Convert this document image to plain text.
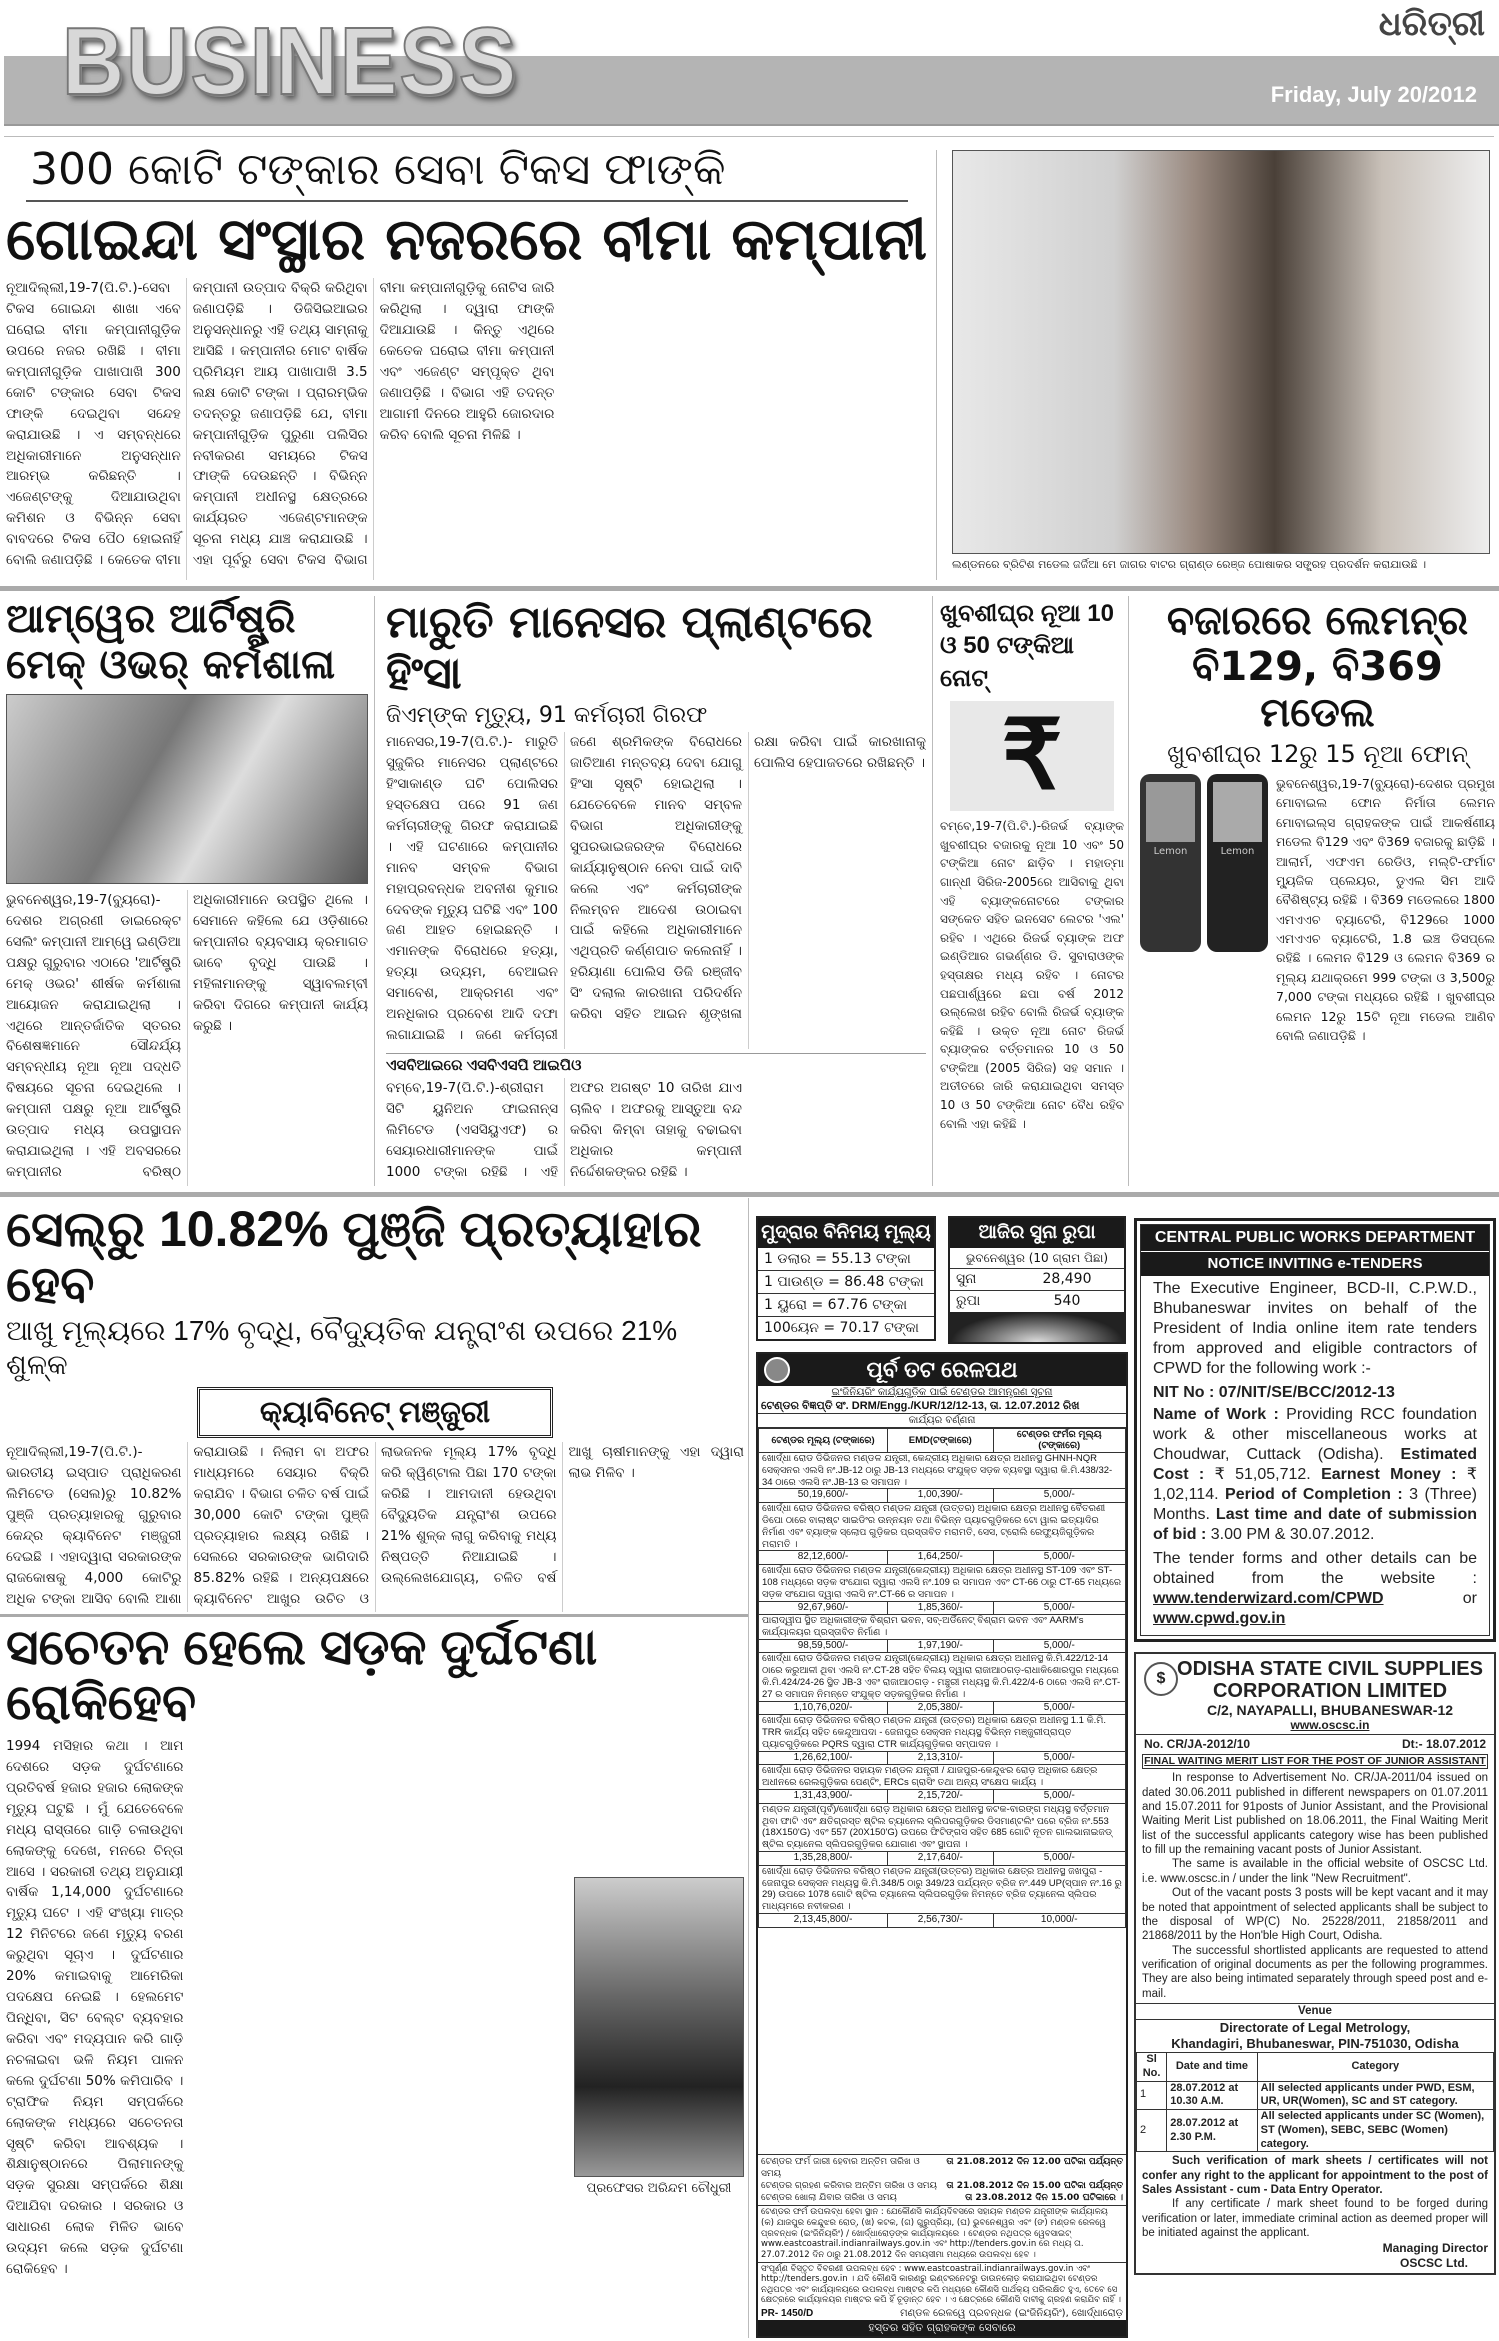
BUSINESS	ଧରିତ୍ରୀ
Friday, July 20/2012
300 କୋଟି ଟଙ୍କାର ସେବା ଟିକସ ଫାଙ୍କି
ଗୋଇନ୍ଦା ସଂସ୍ଥାର ନଜରରେ ବୀମା କମ୍ପାନୀ
ନୂଆଦିଲ୍ଲୀ,19-7(ପି.ଟି.)-ସେବା ଟିକସ ଗୋଇନ୍ଦା ଶାଖା ଏବେ ଘରୋଇ ବୀମା କମ୍ପାନୀଗୁଡ଼ିକ ଉପରେ ନଜର ରଖିଛି । ବୀମା କମ୍ପାନୀଗୁଡ଼ିକ ପାଖାପାଖି 300 କୋଟି ଟଙ୍କାର ସେବା ଟିକସ ଫାଙ୍କି ଦେଇଥିବା ସନ୍ଦେହ କରାଯାଉଛି । ଏ ସମ୍ବନ୍ଧରେ ଅଧିକାରୀମାନେ ଅନୁସନ୍ଧାନ ଆରମ୍ଭ କରିଛନ୍ତି । ଏଜେଣ୍ଟଙ୍କୁ ଦିଆଯାଉଥିବା କମିଶନ ଓ ବିଭିନ୍ନ ସେବା ବାବଦରେ ଟିକସ ପୈଠ ହୋଇନାହିଁ ବୋଲି ଜଣାପଡ଼ିଛି । କେତେକ ବୀମା କମ୍ପାନୀ ଉତ୍ପାଦ ବିକ୍ରି କରିଥିବା ଜଣାପଡ଼ିଛି । ଡିଜିସିଇଆଇର ଅନୁସନ୍ଧାନରୁ ଏହି ତଥ୍ୟ ସାମ୍ନାକୁ ଆସିଛି । କମ୍ପାନୀର ମୋଟ ବାର୍ଷିକ ପ୍ରିମିୟମ ଆୟ ପାଖାପାଖି 3.5 ଲକ୍ଷ କୋଟି ଟଙ୍କା । ପ୍ରାରମ୍ଭିକ ତଦନ୍ତରୁ ଜଣାପଡ଼ିଛି ଯେ, ବୀମା କମ୍ପାନୀଗୁଡ଼ିକ ପୁରୁଣା ପଲିସିର ନବୀକରଣ ସମୟରେ ଟିକସ ଫାଙ୍କି ଦେଉଛନ୍ତି । ବିଭିନ୍ନ କମ୍ପାନୀ ଅଧୀନସ୍ଥ କ୍ଷେତ୍ରରେ କାର୍ଯ୍ୟରତ ଏଜେଣ୍ଟମାନଙ୍କ ସୂଚନା ମଧ୍ୟ ଯାଞ୍ଚ କରାଯାଉଛି । ଏହା ପୂର୍ବରୁ ସେବା ଟିକସ ବିଭାଗ ବୀମା କମ୍ପାନୀଗୁଡ଼ିକୁ ନୋଟିସ ଜାରି କରିଥିଲା । ଦ୍ୱାରା ଫାଙ୍କି ଦିଆଯାଉଛି । କିନ୍ତୁ ଏଥିରେ କେତେକ ଘରୋଇ ବୀମା କମ୍ପାନୀ ଏବଂ ଏଜେଣ୍ଟ ସମ୍ପୃକ୍ତ ଥିବା ଜଣାପଡ଼ିଛି । ବିଭାଗ ଏହି ତଦନ୍ତ ଆଗାମୀ ଦିନରେ ଆହୁରି ଜୋରଦାର କରିବ ବୋଲି ସୂଚନା ମିଳିଛି ।
ଲଣ୍ଡନରେ ବ୍ରିଟିଶ ମଡେଲ ଜର୍ଜିଆ ମେ ଜାଗର ବାଟର ଗ୍ରାଣ୍ଡ ରେଞ୍ଜ ପୋଷାକର ସଙ୍ଗ୍ରହ ପ୍ରଦର୍ଶନ କରାଯାଉଛି ।
ଆମ୍ୱେର ଆର୍ଟିଷ୍ଟ୍ରି ମେକ୍ ଓଭର୍ କର୍ମଶାଳା
ଭୁବନେଶ୍ୱର,19-7(ବ୍ୟୁରୋ)- ଦେଶର ଅଗ୍ରଣୀ ଡାଇରେକ୍ଟ ସେଲିଂ କମ୍ପାନୀ ଆମ୍ୱେ ଇଣ୍ଡିଆ ପକ୍ଷରୁ ଗୁରୁବାର ଏଠାରେ 'ଆର୍ଟିଷ୍ଟ୍ରି ମେକ୍ ଓଭର' ଶୀର୍ଷକ କର୍ମଶାଳା ଆୟୋଜନ କରାଯାଇଥିଲା । ଏଥିରେ ଆନ୍ତର୍ଜାତିକ ସ୍ତରର ବିଶେଷଜ୍ଞମାନେ ସୌନ୍ଦର୍ଯ୍ୟ ସମ୍ବନ୍ଧୀୟ ନୂଆ ନୂଆ ପଦ୍ଧତି ବିଷୟରେ ସୂଚନା ଦେଇଥିଲେ । କମ୍ପାନୀ ପକ୍ଷରୁ ନୂଆ ଆର୍ଟିଷ୍ଟ୍ରି ଉତ୍ପାଦ ମଧ୍ୟ ଉପସ୍ଥାପନ କରାଯାଇଥିଲା । ଏହି ଅବସରରେ କମ୍ପାନୀର ବରିଷ୍ଠ ଅଧିକାରୀମାନେ ଉପସ୍ଥିତ ଥିଲେ । ସେମାନେ କହିଲେ ଯେ ଓଡ଼ିଶାରେ କମ୍ପାନୀର ବ୍ୟବସାୟ କ୍ରମାଗତ ଭାବେ ବୃଦ୍ଧି ପାଉଛି । ମହିଳାମାନଙ୍କୁ ସ୍ୱାବଲମ୍ବୀ କରିବା ଦିଗରେ କମ୍ପାନୀ କାର୍ଯ୍ୟ କରୁଛି ।
ମାରୁତି ମାନେସର ପ୍ଲାଣ୍ଟରେ ହିଂସା
ଜିଏମ୍‌ଙ୍କ ମୃତ୍ୟୁ, 91 କର୍ମଚାରୀ ଗିରଫ
ମାନେସର,19-7(ପି.ଟି.)- ମାରୁତି ସୁଜୁକିର ମାନେସର ପ୍ଲାଣ୍ଟରେ ହିଂସାକାଣ୍ଡ ଘଟି ପୋଲିସର ହସ୍ତକ୍ଷେପ ପରେ 91 ଜଣ କର୍ମଚାରୀଙ୍କୁ ଗିରଫ କରାଯାଇଛି । ଏହି ଘଟଣାରେ କମ୍ପାନୀର ମାନବ ସମ୍ବଳ ବିଭାଗ ମହାପ୍ରବନ୍ଧକ ଅବନୀଶ କୁମାର ଦେବଙ୍କ ମୃତ୍ୟୁ ଘଟିଛି ଏବଂ 100 ଜଣ ଆହତ ହୋଇଛନ୍ତି । ଏମାନଙ୍କ ବିରୋଧରେ ହତ୍ୟା, ହତ୍ୟା ଉଦ୍ୟମ, ବେଆଇନ ସମାବେଶ, ଆକ୍ରମଣ ଏବଂ ଅନଧିକାର ପ୍ରବେଶ ଆଦି ଦଫା ଲଗାଯାଇଛି । ଜଣେ କର୍ମଚାରୀ ଜଣେ ଶ୍ରମିକଙ୍କ ବିରୋଧରେ ଜାତିଆଣ ମନ୍ତବ୍ୟ ଦେବା ଯୋଗୁ ହିଂସା ସୃଷ୍ଟି ହୋଇଥିଲା । ଯେତେବେଳେ ମାନବ ସମ୍ବଳ ବିଭାଗ ଅଧିକାରୀଙ୍କୁ ସୁପରଭାଇଜରଙ୍କ ବିରୋଧରେ କାର୍ଯ୍ୟାନୁଷ୍ଠାନ ନେବା ପାଇଁ ଦାବି କଲେ ଏବଂ କର୍ମଚାରୀଙ୍କ ନିଲମ୍ବନ ଆଦେଶ ଉଠାଇବା ପାଇଁ କହିଲେ ଅଧିକାରୀମାନେ ଏଥିପ୍ରତି କର୍ଣ୍ଣପାତ କଲେନାହିଁ । ହରିୟାଣା ପୋଲିସ ଡିଜି ରଞ୍ଜୀବ ସିଂ ଦଲାଲ କାରଖାନା ପରିଦର୍ଶନ କରିବା ସହିତ ଆଇନ ଶୃଙ୍ଖଳା ରକ୍ଷା କରିବା ପାଇଁ କାରଖାନାକୁ ପୋଲିସ ହେପାଜତରେ ରଖିଛନ୍ତି ।
ଏସବିଆଇରେ ଏସବିଏସପି ଆଇପିଓ
ବମ୍ବେ,19-7(ପି.ଟି.)-ଶ୍ରୀରାମ ସିଟି ୟୁନିଅନ ଫାଇନାନ୍ସ ଲିମିଟେଡ (ଏସସିୟୁଏଫ) ର ସେୟାରଧାରୀମାନଙ୍କ ପାଇଁ 1000 ଟଙ୍କା ରହିଛି । ଏହି ଅଫର ଅଗଷ୍ଟ 10 ତାରିଖ ଯାଏ ଚାଲିବ । ଅଫରକୁ ଆସ୍ତୁଆ ବନ୍ଦ କରିବା କିମ୍ବା ତାହାକୁ ବଢାଇବା ଅଧିକାର କମ୍ପାନୀ ନିର୍ଦ୍ଦେଶକଙ୍କର ରହିଛି ।
ଖୁବଶୀଘ୍ର ନୂଆ 10 ଓ 50 ଟଙ୍କିଆ ନୋଟ୍
₹
ବମ୍ବେ,19-7(ପି.ଟି.)-ରିଜର୍ଭ ବ୍ୟାଙ୍କ ଖୁବଶୀଘ୍ର ବଜାରକୁ ନୂଆ 10 ଏବଂ 50 ଟଙ୍କିଆ ନୋଟ ଛାଡ଼ିବ । ମହାତ୍ମା ଗାନ୍ଧୀ ସିରିଜ-2005ରେ ଆସିବାକୁ ଥିବା ଏହି ବ୍ୟାଙ୍କନୋଟରେ ଟଙ୍କାର ସଙ୍କେତ ସହିତ ଇନସେଟ ଲେଟର 'ଏଲ' ରହିବ । ଏଥିରେ ରିଜର୍ଭ ବ୍ୟାଙ୍କ ଅଫ ଇଣ୍ଡିଆର ଗଭର୍ଣ୍ଣର ଡି. ସୁବାରାଓଙ୍କ ହସ୍ତାକ୍ଷର ମଧ୍ୟ ରହିବ । ନୋଟର ପଛପାର୍ଶ୍ୱରେ ଛପା ବର୍ଷ 2012 ଉଲ୍ଲେଖ ରହିବ ବୋଲି ରିଜର୍ଭ ବ୍ୟାଙ୍କ କହିଛି । ଉକ୍ତ ନୂଆ ନୋଟ ରିଜର୍ଭ ବ୍ୟାଙ୍କର ବର୍ତ୍ତମାନର 10 ଓ 50 ଟଙ୍କିଆ (2005 ସିରିଜ) ସହ ସମାନ । ଅତୀତରେ ଜାରି କରାଯାଇଥିବା ସମସ୍ତ 10 ଓ 50 ଟଙ୍କିଆ ନୋଟ ବୈଧ ରହିବ ବୋଲି ଏହା କହିଛି ।
ବଜାରରେ ଲେମନ୍‌ର ବି129, ବି369 ମଡେଲ
ଖୁବଶୀଘ୍ର 12ରୁ 15 ନୂଆ ଫୋନ୍
Lemon	Lemon
ଭୁବନେଶ୍ୱର,19-7(ବ୍ୟୁରୋ)-ଦେଶର ପ୍ରମୁଖ ମୋବାଇଲ ଫୋନ ନିର୍ମାତା ଲେମନ ମୋବାଇଲ୍ସ ଗ୍ରାହକଙ୍କ ପାଇଁ ଆକର୍ଷଣୀୟ ମଡେଲ ବି129 ଏବଂ ବି369 ବଜାରକୁ ଛାଡ଼ିଛି । ଆଲାର୍ମ, ଏଫଏମ ରେଡିଓ, ମଲ୍ଟି-ଫର୍ମାଟ ମ୍ୟୁଜିକ ପ୍ଲେୟର, ଡୁଏଲ ସିମ ଆଦି ବୈଶିଷ୍ଟ୍ୟ ରହିଛି । ବି369 ମଡେଲରେ 1800 ଏମଏଏଚ ବ୍ୟାଟେରି, ବି129ରେ 1000 ଏମଏଏଚ ବ୍ୟାଟେରି, 1.8 ଇଞ୍ଚ ଡିସପ୍ଲେ ରହିଛି । ଲେମନ ବି129 ଓ ଲେମନ ବି369 ର ମୂଲ୍ୟ ଯଥାକ୍ରମେ 999 ଟଙ୍କା ଓ 3,500ରୁ 7,000 ଟଙ୍କା ମଧ୍ୟରେ ରହିଛି । ଖୁବଶୀଘ୍ର ଲେମନ 12ରୁ 15ଟି ନୂଆ ମଡେଲ ଆଣିବ ବୋଲି ଜଣାପଡ଼ିଛି ।
ସେଲ୍‌ରୁ 10.82% ପୁଞ୍ଜି ପ୍ରତ୍ୟାହାର ହେବ
ଆଖୁ ମୂଲ୍ୟରେ 17% ବୃଦ୍ଧି, ବୈଦ୍ୟୁତିକ ଯନ୍ତ୍ରାଂଶ ଉପରେ 21% ଶୁଳ୍କ
କ୍ୟାବିନେଟ୍ ମଞ୍ଜୁରୀ
ନୂଆଦିଲ୍ଲୀ,19-7(ପି.ଟି.)-ଭାରତୀୟ ଇସ୍ପାତ ପ୍ରାଧିକରଣ ଲିମିଟେଡ (ସେଲ)ରୁ 10.82% ପୁଞ୍ଜି ପ୍ରତ୍ୟାହାରକୁ ଗୁରୁବାର କେନ୍ଦ୍ର କ୍ୟାବିନେଟ ମଞ୍ଜୁରୀ ଦେଇଛି । ଏହାଦ୍ୱାରା ସରକାରଙ୍କ ରାଜକୋଷକୁ 4,000 କୋଟିରୁ ଅଧିକ ଟଙ୍କା ଆସିବ ବୋଲି ଆଶା କରାଯାଉଛି । ନିଲାମ ବା ଅଫର ମାଧ୍ୟମରେ ସେୟାର ବିକ୍ରି କରାଯିବ । ବିଭାଗ ଚଳିତ ବର୍ଷ ପାଇଁ 30,000 କୋଟି ଟଙ୍କା ପୁଞ୍ଜି ପ୍ରତ୍ୟାହାର ଲକ୍ଷ୍ୟ ରଖିଛି । ସେଲରେ ସରକାରଙ୍କ ଭାଗିଦାରି 85.82% ରହିଛି । ଅନ୍ୟପକ୍ଷରେ କ୍ୟାବିନେଟ ଆଖୁର ଉଚିତ ଓ ଲାଭଜନକ ମୂଲ୍ୟ 17% ବୃଦ୍ଧି କରି କ୍ୱିଣ୍ଟାଲ ପିଛା 170 ଟଙ୍କା କରିଛି । ଆମଦାନୀ ହେଉଥିବା ବୈଦ୍ୟୁତିକ ଯନ୍ତ୍ରାଂଶ ଉପରେ 21% ଶୁଳ୍କ ଲାଗୁ କରିବାକୁ ମଧ୍ୟ ନିଷ୍ପତ୍ତି ନିଆଯାଇଛି । ଉଲ୍ଲେଖଯୋଗ୍ୟ, ଚଳିତ ବର୍ଷ ଆଖୁ ଚାଷୀମାନଙ୍କୁ ଏହା ଦ୍ୱାରା ଲାଭ ମିଳିବ ।
ସଚେତନ ହେଲେ ସଡ଼କ ଦୁର୍ଘଟଣା ରୋକିହେବ
1994 ମସିହାର କଥା । ଆମ ଦେଶରେ ସଡ଼କ ଦୁର୍ଘଟଣାରେ ପ୍ରତିବର୍ଷ ହଜାର ହଜାର ଲୋକଙ୍କ ମୃତ୍ୟୁ ଘଟୁଛି । ମୁଁ ଯେତେବେଳେ ମଧ୍ୟ ରାସ୍ତାରେ ଗାଡ଼ି ଚଳାଉଥିବା ଲୋକଙ୍କୁ ଦେଖେ, ମନରେ ଚିନ୍ତା ଆସେ । ସରକାରୀ ତଥ୍ୟ ଅନୁଯାୟୀ ବାର୍ଷିକ 1,14,000 ଦୁର୍ଘଟଣାରେ ମୃତ୍ୟୁ ଘଟେ । ଏହି ସଂଖ୍ୟା ମାତ୍ର 12 ମିନିଟରେ ଜଣେ ମୃତ୍ୟୁ ବରଣ କରୁଥିବା ସୂଚାଏ । ଦୁର୍ଘଟଣାର 20% କମାଇବାକୁ ଆମେରିକା ପଦକ୍ଷେପ ନେଇଛି । ହେଲମେଟ ପିନ୍ଧିବା, ସିଟ ବେଲ୍ଟ ବ୍ୟବହାର କରିବା ଏବଂ ମଦ୍ୟପାନ କରି ଗାଡ଼ି ନଚଳାଇବା ଭଳି ନିୟମ ପାଳନ କଲେ ଦୁର୍ଘଟଣା 50% କମିପାରିବ । ଟ୍ରାଫିକ ନିୟମ ସମ୍ପର୍କରେ ଲୋକଙ୍କ ମଧ୍ୟରେ ସଚେତନତା ସୃଷ୍ଟି କରିବା ଆବଶ୍ୟକ । ଶିକ୍ଷାନୁଷ୍ଠାନରେ ପିଲାମାନଙ୍କୁ ସଡ଼କ ସୁରକ୍ଷା ସମ୍ପର୍କରେ ଶିକ୍ଷା ଦିଆଯିବା ଦରକାର । ସରକାର ଓ ସାଧାରଣ ଲୋକ ମିଳିତ ଭାବେ ଉଦ୍ୟମ କଲେ ସଡ଼କ ଦୁର୍ଘଟଣା ରୋକିହେବ ।
ପ୍ରଫେସର ଅରିନ୍ଦମ ଚୌଧୁରୀ
ମୁଦ୍ରାର ବିନିମୟ ମୂଲ୍ୟ
1 ଡଲାର = 55.13 ଟଙ୍କା
1 ପାଉଣ୍ଡ = 86.48 ଟଙ୍କା
1 ୟୁରୋ = 67.76 ଟଙ୍କା
100ୟେନ = 70.17 ଟଙ୍କା
ଆଜିର ସୁନା ରୁପା
ଭୁବନେଶ୍ୱର (10 ଗ୍ରାମ ପିଛା)
ସୁନା	28,490
ରୁପା	540
ପୂର୍ବ ତଟ ରେଳପଥ
ଇଂଜିନିୟରିଂ କାର୍ଯ୍ୟଗୁଡ଼ିକ ପାଇଁ ଟେଣ୍ଡର ଆମନ୍ତ୍ରଣ ସୂଚନା
ଟେଣ୍ଡର ବିଜ୍ଞପ୍ତି ସଂ. DRM/Engg./KUR/12/12-13, ତା. 12.07.2012 ରିଖ
କାର୍ଯ୍ୟର ବର୍ଣ୍ଣନା
ଟେଣ୍ଡର ମୂଲ୍ୟ (ଟଙ୍କାରେ)	EMD(ଟଙ୍କାରେ)	ଟେଣ୍ଡର ଫର୍ମର ମୂଲ୍ୟ (ଟଙ୍କାରେ)
ଖୋର୍ଦ୍ଧା ରୋଡ ଡିଭିଜନର ମଣ୍ଡଳ ଯନ୍ତ୍ରୀ, କେନ୍ଦ୍ରୀୟ ଅଧିକାର କ୍ଷେତ୍ର ଅଧୀନସ୍ଥ GHNH-NQR ସେକ୍ସନର ଏଲସି ନଂ.JB-12 ଠାରୁ JB-13 ମଧ୍ୟରେ ସଂଯୁକ୍ତ ସଡ଼କ ବ୍ୟବସ୍ଥା ଦ୍ୱାରା କି.ମି.438/32-34 ଠାରେ ଏଲସି ନଂ.JB-13 ର ସମାପନ ।		
50,19,600/-	1,00,390/-	5,000/-
ଖୋର୍ଦ୍ଧା ରୋଡ ଡିଭିଜନର ବରିଷ୍ଠ ମଣ୍ଡଳ ଯନ୍ତ୍ରୀ (ଉତ୍ତର) ଅଧିକାର କ୍ଷେତ୍ର ଅଧୀନସ୍ଥ ବୈତରଣୀ ଡିପୋ ଠାରେ ବାଲାଷ୍ଟ ସାଇଡିଂର ଉନ୍ନୟନ ତଥା ବିଭିନ୍ନ ପ୍ୟାଚଗୁଡ଼ିକରେ ଟୋ ୱାଲ ଇତ୍ୟାଦିର ନିର୍ମାଣ ଏବଂ ବ୍ୟାଙ୍କ ସ୍ଲୋପ ଗୁଡ଼ିକର ପ୍ରସ୍ତାବିତ ମରାମତି, ସେସ, ଟ୍ରୋଲି ରେଫ୍ୟୁଜିଗୁଡ଼ିକର ମରାମତି ।		
82,12,600/-	1,64,250/-	5,000/-
ଖୋର୍ଦ୍ଧା ରୋଡ ଡିଭିଜନର ମଣ୍ଡଳ ଯନ୍ତ୍ରୀ(କେନ୍ଦ୍ରୀୟ) ଅଧିକାର କ୍ଷେତ୍ର ଅଧୀନସ୍ଥ ST-109 ଏବଂ ST-108 ମଧ୍ୟରେ ସଡ଼କ ସଂଯୋଗ ଦ୍ୱାରା ଏଲସି ନଂ.109 ର ସମାପନ ଏବଂ CT-66 ଠାରୁ CT-65 ମଧ୍ୟରେ ସଡ଼କ ସଂଯୋଗ ଦ୍ୱାରା ଏଲସି ନଂ.CT-66 ର ସମାପନ ।		
92,67,960/-	1,85,360/-	5,000/-
ପାରାଦ୍ୱୀପ ସ୍ଥିତ ଅଧିକାରୀଙ୍କ ବିଶ୍ରାମ ଭବନ, ସବ୍-ଅର୍ଡିନେଟ୍ ବିଶ୍ରାମ ଭବନ ଏବଂ AARM's କାର୍ଯ୍ୟାଳୟର ପ୍ରସ୍ତାବିତ ନିର୍ମାଣ ।		
98,59,500/-	1,97,190/-	5,000/-
ଖୋର୍ଦ୍ଧା ରୋଡ ଡିଭିଜନର ମଣ୍ଡଳ ଯନ୍ତ୍ରୀ(କେନ୍ଦ୍ରୀୟ) ଅଧିକାର କ୍ଷେତ୍ର ଅଧୀନସ୍ଥ କି.ମି.422/12-14 ଠାରେ କରୁଆଳୀ ଥିବା ଏଲସି ନଂ.CT-28 ସହିତ ବିଲୟ ଦ୍ୱାରା ରାଜାଆଠଗଡ଼-ରାଧାକିଶୋରପୁର ମଧ୍ୟରେ କି.ମି.424/24-26 ସ୍ଥିତ JB-3 ଏବଂ ରାଜାଆଠଗଡ଼ - ମଞ୍ଚୁରୀ ମଧ୍ୟସ୍ଥ କି.ମି.422/4-6 ଠାରେ ଏଲସି ନଂ.CT-27 ର ସମାପନ ନିମନ୍ତେ ସଂଯୁକ୍ତ ସଡ଼କଗୁଡ଼ିକର ନିର୍ମାଣ ।		
1,10,76,020/-	2,05,380/-	5,000/-
ଖୋର୍ଦ୍ଧା ରୋଡ଼ ଡିଭିଜନର ବରିଷ୍ଠ ମଣ୍ଡଳ ଯନ୍ତ୍ରୀ (ଉତ୍ତର) ଅଧିକାର କ୍ଷେତ୍ର ଅଧୀନସ୍ଥ 1.1 କି.ମି. TRR କାର୍ଯ୍ୟ ସହିତ କେନ୍ଦୁଆପଦା - ଜେନାପୁର ସେକ୍ସନ ମଧ୍ୟସ୍ଥ ବିଭିନ୍ନ ମଞ୍ଜୁରୀପ୍ରାପ୍ତ ପ୍ୟାଚଗୁଡ଼ିକରେ PQRS ଦ୍ୱାରା CTR କାର୍ଯ୍ୟଗୁଡ଼ିକର ସମ୍ପାଦନ ।		
1,26,62,100/-	2,13,310/-	5,000/-
ଖୋର୍ଦ୍ଧା ରୋଡ଼ ଡିଭିଜନର ସହାୟକ ମଣ୍ଡଳ ଯନ୍ତ୍ରୀ / ଯାଜପୁର-କେନ୍ଦୁଝର ରୋଡ଼ ଅଧିକାର କ୍ଷେତ୍ର ଅଧୀନରେ ରେଲଗୁଡ଼ିକର ପେଣ୍ଟିଂ, ERCs ଗ୍ରାସିଂ ତଥା ଅନ୍ୟ ସଂକ୍ଷେପ କାର୍ଯ୍ୟ ।		
1,31,43,900/-	2,15,720/-	5,000/-
ମଣ୍ଡଳ ଯନ୍ତ୍ରୀ(ପୂର୍ବ)/ଖୋର୍ଦ୍ଧା ରୋଡ଼ ଅଧିକାର କ୍ଷେତ୍ର ଅଧୀନସ୍ଥ କଟକ-ବାରଙ୍ଗ ମଧ୍ୟସ୍ଥ ବର୍ତ୍ତମାନ ଥିବା ଫାଟି ଏବଂ କ୍ଷତିଗ୍ରସ୍ତ ଷ୍ଟିଲ ଚ୍ୟାନେଲ ସ୍ଲିପରଗୁଡ଼ିକର ଡିସମାଣ୍ଟଲିଂ ପରେ ବ୍ରିଜ ନଂ.553 (18X150'G) ଏବଂ 557 (20X150'G) ଉପରେ ଫିଟିଙ୍ଗସ ସହିତ 685 ଗୋଟି ନୂତନ ଗାଲଭାନାଇଜଡ୍ ଷ୍ଟିଲ ଚ୍ୟାନେଲ ସ୍ଲିପରଗୁଡ଼ିକର ଯୋଗାଣ ଏବଂ ସ୍ଥାପନା ।		
1,35,28,800/-	2,17,640/-	5,000/-
ଖୋର୍ଦ୍ଧା ରୋଡ଼ ଡିଭିଜନର ବରିଷ୍ଠ ମଣ୍ଡଳ ଯନ୍ତ୍ରୀ(ଉତ୍ତର) ଅଧିକାର କ୍ଷେତ୍ର ଅଧୀନସ୍ଥ ଜଖପୁରା - ଜେନାପୁର ସେକ୍ସନ ମଧ୍ୟସ୍ଥ କି.ମି.348/5 ଠାରୁ 349/23 ପର୍ଯ୍ୟନ୍ତ ବ୍ରିଜ ନଂ.449 UP(ସ୍ପାନ ନଂ.16 ରୁ 29) ଉପରେ 1078 ଗୋଟି ଷ୍ଟିଲ ଚ୍ୟାନେଲ ସ୍ଲିପରଗୁଡ଼ିକ ନିମନ୍ତେ ବ୍ରିଜ ଚ୍ୟାନେଲ ସ୍ଲିପର ମାଧ୍ୟମରେ ନବୀକରଣ ।		
2,13,45,800/-	2,56,730/-	10,000/-
ଟେଣ୍ଡର ଫର୍ମ ଜାରୀ ହେବାର ଅନ୍ତିମ ତାରିଖ ଓ ସମୟ
ତା 21.08.2012 ଦିନ 12.00 ଘଟିକା ପର୍ଯ୍ୟନ୍ତ
ଟେଣ୍ଡର ଗ୍ରହଣ କରିବାର ଅନ୍ତିମ ତାରିଖ ଓ ସମୟ	ତା 21.08.2012 ଦିନ 15.00 ଘଟିକା ପର୍ଯ୍ୟନ୍ତ
ଟେଣ୍ଡର ଖୋଲା ଯିବାର ତାରିଖ ଓ ସମୟ	ତା 23.08.2012 ଦିନ 15.00 ଘଟିକାରେ ।
ଟେଣ୍ଡର ଫର୍ମ ଉପଲବ୍ଧ ହେବା ସ୍ଥାନ : ଯେକୌଣସି କାର୍ଯ୍ୟଦିବସରେ ସହାୟକ ମଣ୍ଡଳ ଯନ୍ତ୍ରୀଙ୍କ କାର୍ଯ୍ୟାଳୟ (କ) ଯାଜପୁର କେନ୍ଦୁଝର ରୋଡ୍, (ଖ) କଟକ, (ଗ) ଗୁରୁପ୍ରିୟା, (ଘ) ଭୁବନେଶ୍ୱର ଏବଂ (ଙ) ମଣ୍ଡଳ ରେଳୱେ ପ୍ରବନ୍ଧକ (ଇଂଜିନିୟରିଂ) / ଖୋର୍ଦ୍ଧାରୋଡ଼ଙ୍କ କାର୍ଯ୍ୟାଳୟରେ । ଟେଣ୍ଡର ନଥିପତ୍ର ୱେବସାଇଟ୍ www.eastcoastrail.indianrailways.gov.in ଏବଂ http://tenders.gov.in ରେ ମଧ୍ୟ ତା. 27.07.2012 ଦିନ ଠାରୁ 21.08.2012 ଦିନ ସମୟସୀମା ମଧ୍ୟରେ ଉପଲବ୍ଧ ହେବ ।
ସଂପୂର୍ଣ୍ଣ ବିସ୍ତୃତ ବିବରଣୀ ଉପଲବ୍ଧ ହେବ : www.eastcoastrail.indianrailways.gov.in ଏବଂ http://tenders.gov.in । ଯଦି କୌଣସି କାରଣରୁ ଇଣ୍ଟରନେଟରୁ ଡାଉନଲୋଡ଼ କରାଯାଇଥିବା ଟେଣ୍ଡର ନଥିପତ୍ର ଏବଂ କାର୍ଯ୍ୟାଳୟରେ ଉପଲବ୍ଧ ମାଷ୍ଟର କପି ମଧ୍ୟରେ କୌଣସି ପାର୍ଥକ୍ୟ ପରିଲକ୍ଷିତ ହୁଏ, ତେବେ ସେ କ୍ଷେତ୍ରରେ କାର୍ଯ୍ୟାଳୟର ମାଷ୍ଟର କପି ହିଁ ଚୂଡ଼ାନ୍ତ ହେବ । ଏ କ୍ଷେତ୍ରରେ କୌଣସି ଦାବୀକୁ ଗ୍ରହଣ କରାଯିବ ନାହିଁ ।
PR- 1450/D	ମଣ୍ଡଳ ରେଳୱେ ପ୍ରବନ୍ଧକ (ଇଂଜିନିୟରିଂ), ଖୋର୍ଦ୍ଧାରୋଡ଼
ହସ୍ତର ସହିତ ଗ୍ରାହକଙ୍କ ସେବାରେ
CENTRAL PUBLIC WORKS DEPARTMENT
NOTICE INVITING e-TENDERS

The Executive Engineer, BCD-II, C.P.W.D., Bhubaneswar invites on behalf of the President of India online item rate tenders from approved and eligible contractors of CPWD for the following work :-

NIT No : 07/NIT/SE/BCC/2012-13

Name of Work : Providing RCC foundation work & other miscellaneous works at Choudwar, Cuttack (Odisha). Estimated Cost : ₹ 51,05,712. Earnest Money : ₹ 1,02,114. Period of Completion : 3 (Three) Months. Last time and date of submission of bid : 3.00 PM & 30.07.2012.

The tender forms and other details can be obtained from the website : www.tenderwizard.com/CPWD	or www.cpwd.gov.in

$ ODISHA STATE CIVIL SUPPLIES
CORPORATION LIMITED
C/2, NAYAPALLI, BHUBANESWAR-12
www.oscsc.in
No. CR/JA-2012/10	Dt:- 18.07.2012
FINAL WAITING MERIT LIST FOR THE POST OF JUNIOR ASSISTANT

In response to Advertisement No. CR/JA-2011/04 issued on dated 30.06.2011 published in different newspapers on 01.07.2011 and 15.07.2011 for 91posts of Junior Assistant, and the Provisional Waiting Merit List published on 18.06.2011, the Final Waiting Merit list of the successful applicants category wise has been published to fill up the remaining vacant posts of Junior Assistant.

The same is available in the official website of OSCSC Ltd. i.e. www.oscsc.in / under the link "New Recruitment".

Out of the vacant posts 3 posts will be kept vacant and it may be noted that appointment of selected applicants shall be subject to the disposal of WP(C) No. 25228/2011, 21858/2011 and 21868/2011 by the Hon'ble High Court, Odisha.

The successful shortlisted applicants are requested to attend verification of original documents as per the following programmes. They are also being intimated separately through speed post and e-mail.

Venue
Directorate of Legal Metrology,
Khandagiri, Bhubaneswar, PIN-751030, Odisha
Sl No.	Date and time	Category
1	28.07.2012 at 10.30 A.M.	All selected applicants under PWD, ESM, UR, UR(Women), SC and ST category.
2	28.07.2012 at 2.30 P.M.	All selected applicants under SC (Women), ST (Women), SEBC, SEBC (Women) category.

Such verification of mark sheets / certificates will not confer any right to the applicant for appointment to the post of Sales Assistant - cum - Data Entry Operator.

If any certificate / mark sheet found to be forged during verification or later, immediate criminal action as deemed proper will be initiated against the applicant.

Managing Director

OSCSC Ltd.
